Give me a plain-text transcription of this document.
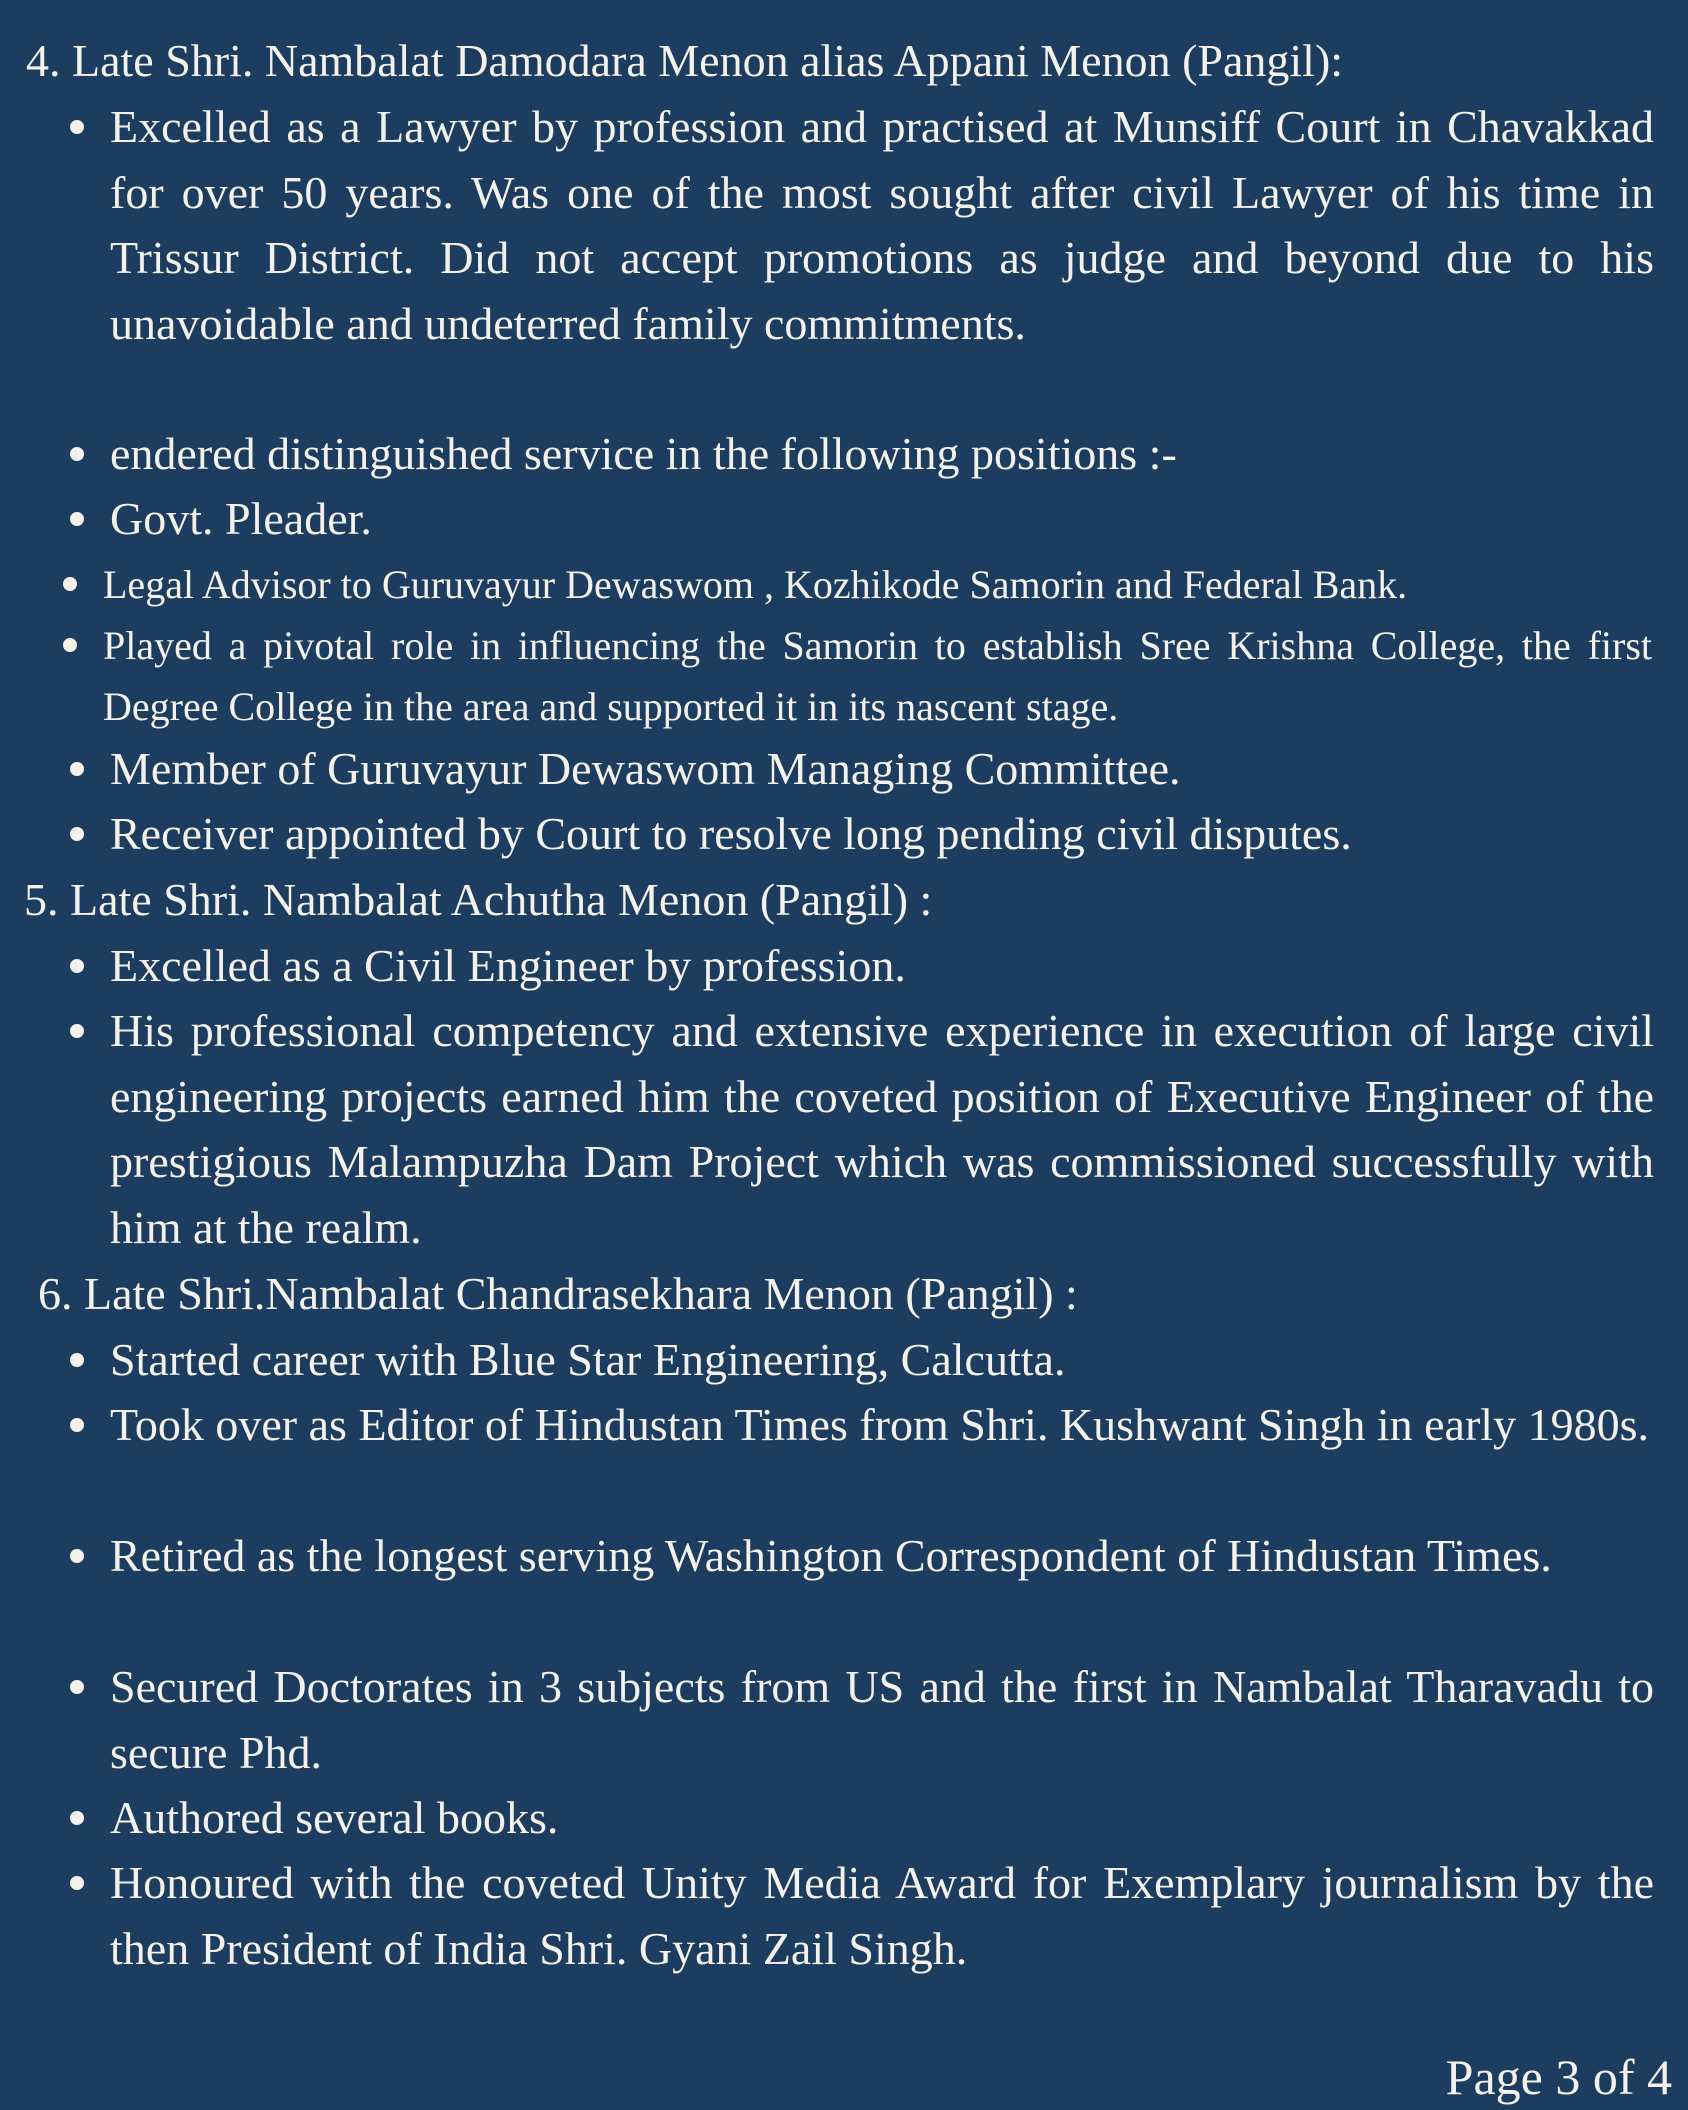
4. Late Shri. Nambalat Damodara Menon alias Appani Menon (Pangil):
Excelled as a Lawyer by profession and practised at Munsiff Court in Chavakkad for over 50 years. Was one of the most sought after civil Lawyer of his time in Trissur District. Did not accept promotions as judge and beyond due to his unavoidable and undeterred family commitments.
endered distinguished service in the following positions :-
Govt. Pleader.
Legal Advisor to Guruvayur Dewaswom , Kozhikode Samorin and Federal Bank.
Played a pivotal role in influencing the Samorin to establish Sree Krishna College, the first Degree College in the area and supported it in its nascent stage.
Member of Guruvayur Dewaswom Managing Committee.
Receiver appointed by Court to resolve long pending civil disputes.
5. Late Shri. Nambalat Achutha Menon (Pangil) :
Excelled as a Civil Engineer by profession.
His professional competency and extensive experience in execution of large civil engineering projects earned him the coveted position of Executive Engineer of the prestigious Malampuzha Dam Project which was commissioned successfully with him at the realm.
6. Late Shri.Nambalat Chandrasekhara Menon (Pangil) :
Started career with Blue Star Engineering, Calcutta.
Took over as Editor of Hindustan Times from Shri. Kushwant Singh in early 1980s.
Retired as the longest serving Washington Correspondent of Hindustan Times.
Secured Doctorates in 3 subjects from US and the first in Nambalat Tharavadu to secure Phd.
Authored several books.
Honoured with the coveted Unity Media Award for Exemplary journalism by the then President of India Shri. Gyani Zail Singh.
Page 3 of 4
